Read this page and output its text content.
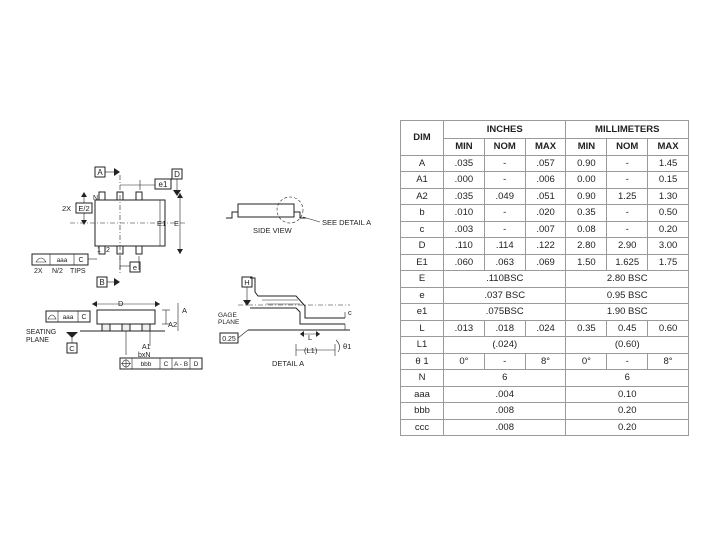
A
B
e1
D
2X E/2
N
1 2
E1 E
e
aaa C
2X N/2 TIPS
SIDE VIEW
SEE DETAIL A
D
A
A2
aaa C
SEATING
PLANE
C	A1
bxN
bbb C A - B D
H
GAGE
PLANE
0.25
c
L
(L1)	θ1
DETAIL A
DIM	INCHES			MILLIMETERS		
	MIN	NOM	MAX	MIN	NOM	MAX
A	.035	-	.057	0.90	-	1.45
A1	.000	-	.006	0.00	-	0.15
A2	.035	.049	.051	0.90	1.25	1.30
b	.010	-	.020	0.35	-	0.50
c	.003	-	.007	0.08	-	0.20
D	.110	.114	.122	2.80	2.90	3.00
E1	.060	.063	.069	1.50	1.625	1.75
E	.110BSC			2.80 BSC		
e	.037 BSC			0.95 BSC		
e1	.075BSC			1.90 BSC		
L	.013	.018	.024	0.35	0.45	0.60
L1	(.024)			(0.60)		
θ 1	0°	-	8°	0°	-	8°
N	6			6		
aaa	.004			0.10		
bbb	.008			0.20		
ccc	.008			0.20		
